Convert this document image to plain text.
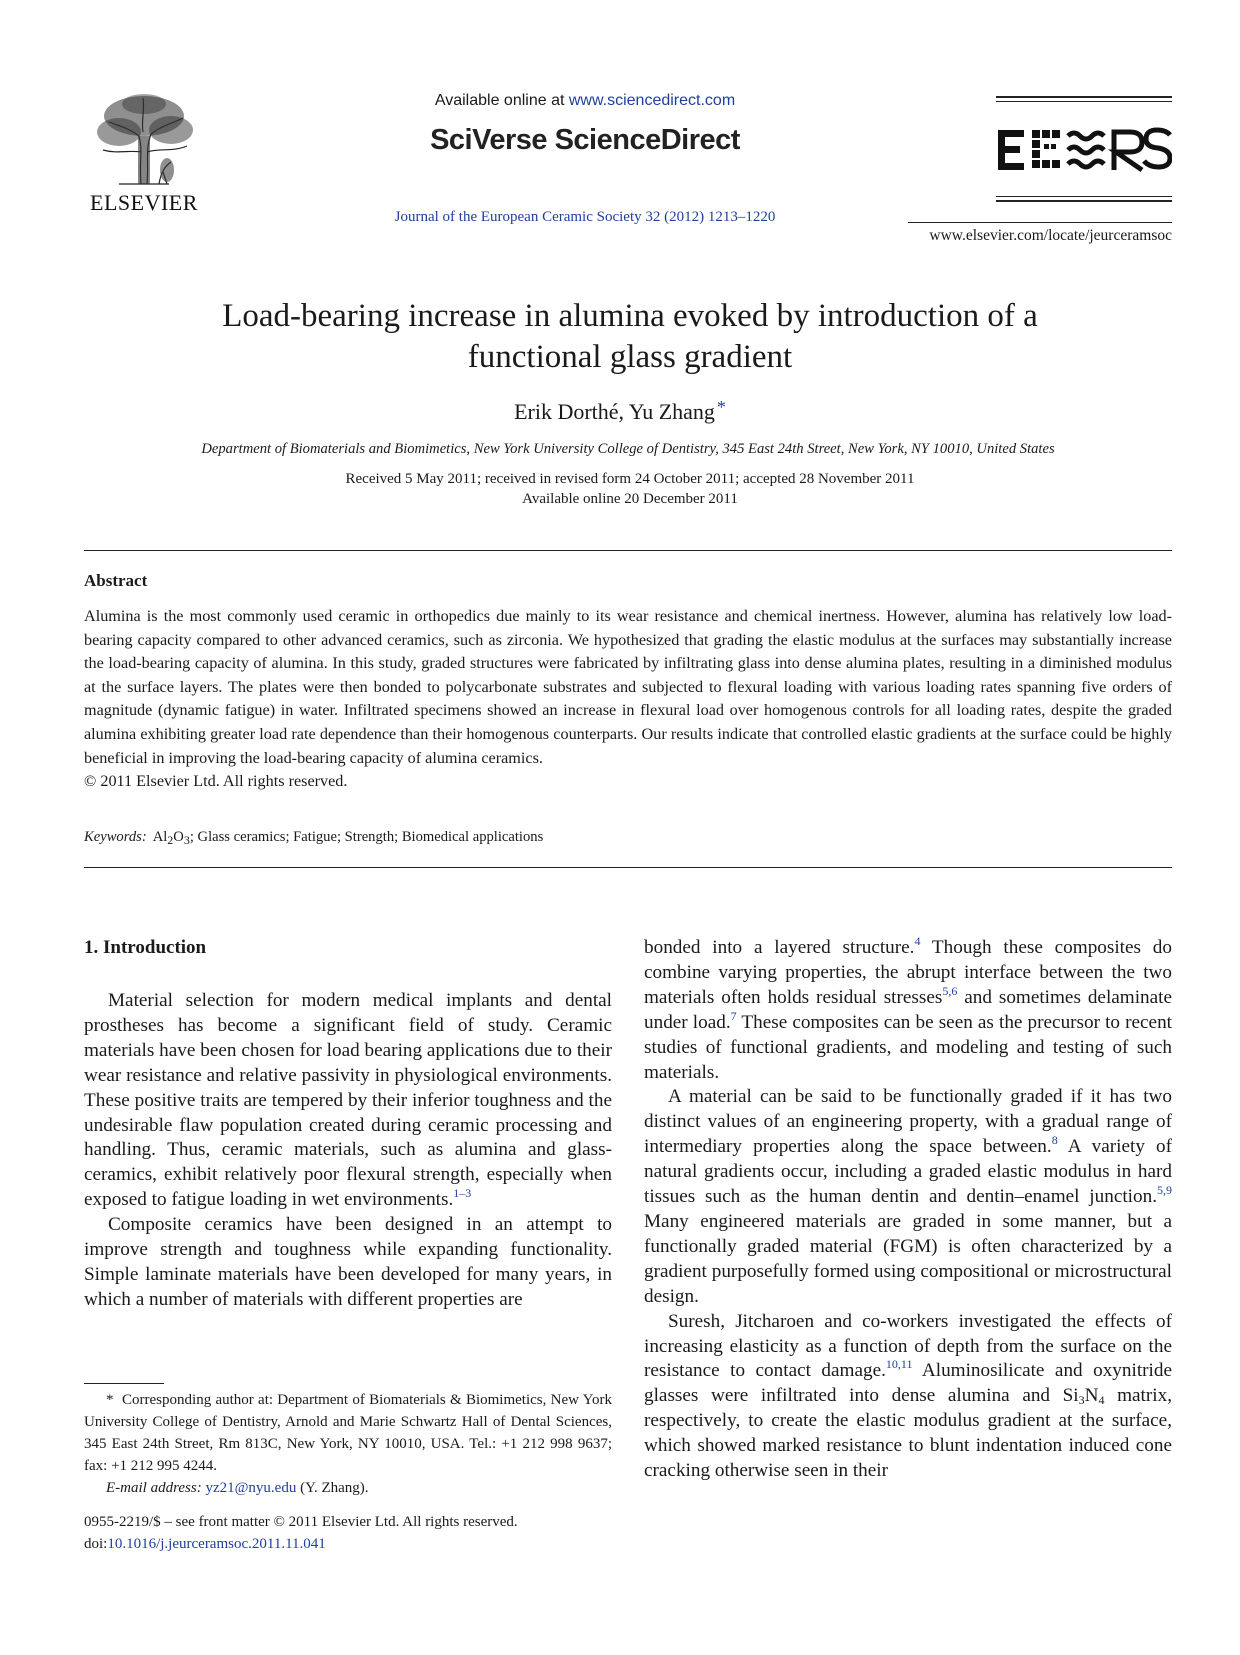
ELSEVIER
Available online at www.sciencedirect.com
SciVerse ScienceDirect
Journal of the European Ceramic Society 32 (2012) 1213–1220
www.elsevier.com/locate/jeurceramsoc
Load-bearing increase in alumina evoked by introduction of a functional glass gradient
Erik Dorthé, Yu Zhang *
Department of Biomaterials and Biomimetics, New York University College of Dentistry, 345 East 24th Street, New York, NY 10010, United States
Received 5 May 2011; received in revised form 24 October 2011; accepted 28 November 2011
Available online 20 December 2011
Abstract

Alumina is the most commonly used ceramic in orthopedics due mainly to its wear resistance and chemical inertness. However, alumina has relatively low load-bearing capacity compared to other advanced ceramics, such as zirconia. We hypothesized that grading the elastic modulus at the surfaces may substantially increase the load-bearing capacity of alumina. In this study, graded structures were fabricated by infiltrating glass into dense alumina plates, resulting in a diminished modulus at the surface layers. The plates were then bonded to polycarbonate substrates and subjected to flexural loading with various loading rates spanning five orders of magnitude (dynamic fatigue) in water. Infiltrated specimens showed an increase in flexural load over homogenous controls for all loading rates, despite the graded alumina exhibiting greater load rate dependence than their homogenous counterparts. Our results indicate that controlled elastic gradients at the surface could be highly beneficial in improving the load-bearing capacity of alumina ceramics.

© 2011 Elsevier Ltd. All rights reserved.

Keywords: $Al_2O_3$; Glass ceramics; Fatigue; Strength; Biomedical applications
1. Introduction

Material selection for modern medical implants and dental prostheses has become a significant field of study. Ceramic materials have been chosen for load bearing applications due to their wear resistance and relative passivity in physiological environments. These positive traits are tempered by their inferior toughness and the undesirable flaw population created during ceramic processing and handling. Thus, ceramic materials, such as alumina and glass-ceramics, exhibit relatively poor flexural strength, especially when exposed to fatigue loading in wet environments.$^{1-3}$

Composite ceramics have been designed in an attempt to improve strength and toughness while expanding functionality. Simple laminate materials have been developed for many years, in which a number of materials with different properties are

* Corresponding author at: Department of Biomaterials & Biomimetics, New York University College of Dentistry, Arnold and Marie Schwartz Hall of Dental Sciences, 345 East 24th Street, Rm 813C, New York, NY 10010, USA. Tel.: +1 212 998 9637; fax: +1 212 995 4244.

E-mail address: yz21@nyu.edu (Y. Zhang).

0955-2219/$ – see front matter © 2011 Elsevier Ltd. All rights reserved.
doi:10.1016/j.jeurceramsoc.2011.11.041

bonded into a layered structure.$^4$ Though these composites do combine varying properties, the abrupt interface between the two materials often holds residual stresses$^{5,6}$ and sometimes delaminate under load.$^7$ These composites can be seen as the precursor to recent studies of functional gradients, and modeling and testing of such materials.

A material can be said to be functionally graded if it has two distinct values of an engineering property, with a gradual range of intermediary properties along the space between.$^8$ A variety of natural gradients occur, including a graded elastic modulus in hard tissues such as the human dentin and dentin–enamel junction.$^{5,9}$ Many engineered materials are graded in some manner, but a functionally graded material (FGM) is often characterized by a gradient purposefully formed using compositional or microstructural design.

Suresh, Jitcharoen and co-workers investigated the effects of increasing elasticity as a function of depth from the surface on the resistance to contact damage.$^{10,11}$ Aluminosilicate and oxynitride glasses were infiltrated into dense alumina and $Si_3N_4$ matrix, respectively, to create the elastic modulus gradient at the surface, which showed marked resistance to blunt indentation induced cone cracking otherwise seen in their
